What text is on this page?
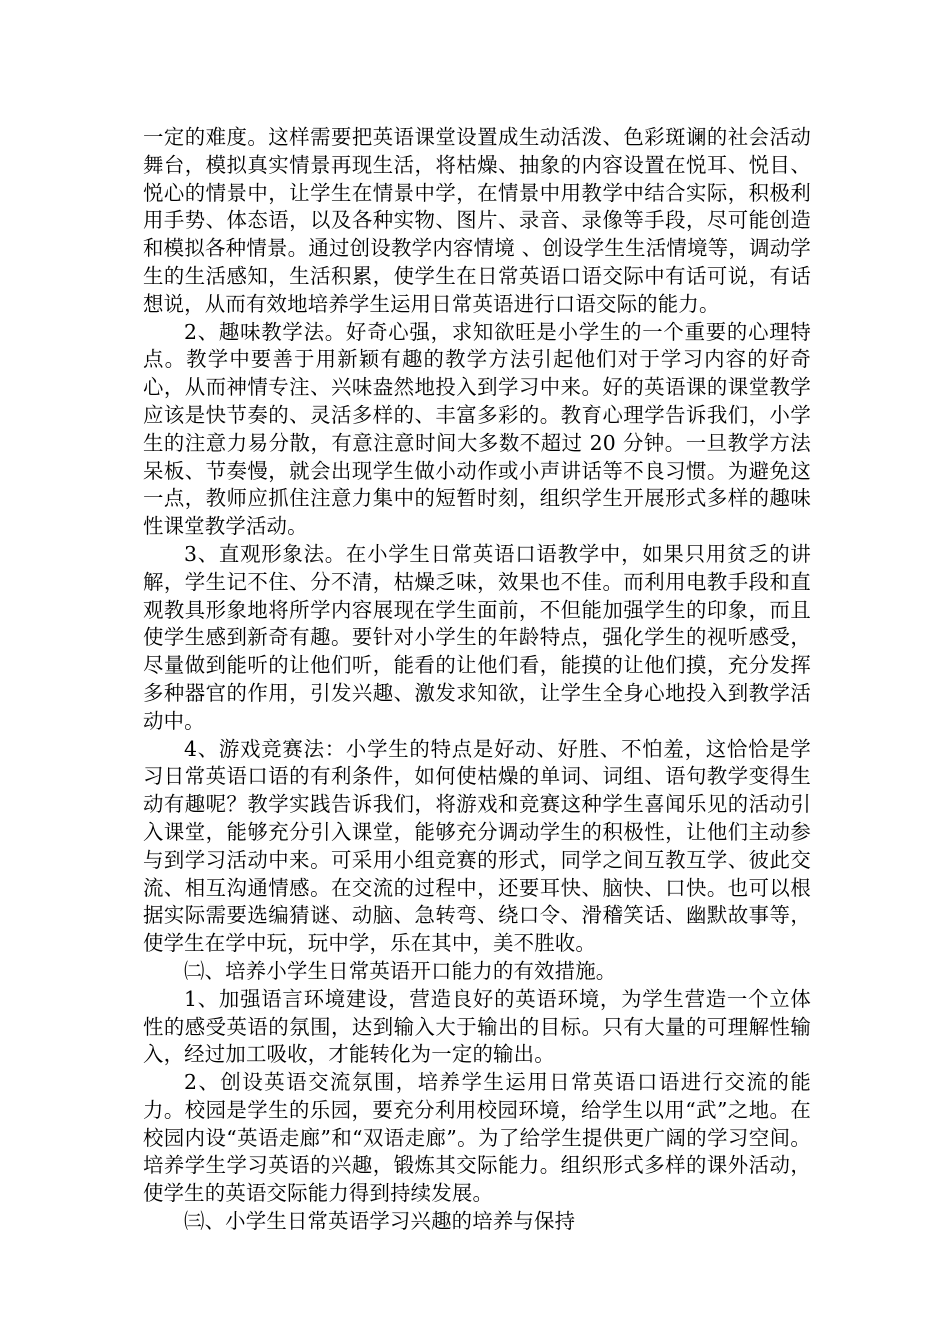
一定的难度。这样需要把英语课堂设置成生动活泼、色彩斑谰的社会活动舞台，模拟真实情景再现生活，将枯燥、抽象的内容设置在悦耳、悦目、悦心的情景中，让学生在情景中学，在情景中用教学中结合实际，积极利用手势、体态语，以及各种实物、图片、录音、录像等手段，尽可能创造和模拟各种情景。通过创设教学内容情境 、创设学生生活情境等，调动学生的生活感知，生活积累，使学生在日常英语口语交际中有话可说，有话想说，从而有效地培养学生运用日常英语进行口语交际的能力。

2、趣味教学法。好奇心强，求知欲旺是小学生的一个重要的心理特点。教学中要善于用新颖有趣的教学方法引起他们对于学习内容的好奇心，从而神情专注、兴味盎然地投入到学习中来。好的英语课的课堂教学应该是快节奏的、灵活多样的、丰富多彩的。教育心理学告诉我们，小学生的注意力易分散，有意注意时间大多数不超过 20 分钟。一旦教学方法呆板、节奏慢，就会出现学生做小动作或小声讲话等不良习惯。为避免这一点，教师应抓住注意力集中的短暂时刻，组织学生开展形式多样的趣味性课堂教学活动。

3、直观形象法。在小学生日常英语口语教学中，如果只用贫乏的讲解，学生记不住、分不清，枯燥乏味，效果也不佳。而利用电教手段和直观教具形象地将所学内容展现在学生面前，不但能加强学生的印象，而且使学生感到新奇有趣。要针对小学生的年龄特点，强化学生的视听感受，尽量做到能听的让他们听，能看的让他们看，能摸的让他们摸，充分发挥多种器官的作用，引发兴趣、激发求知欲，让学生全身心地投入到教学活动中。

4、游戏竞赛法：小学生的特点是好动、好胜、不怕羞，这恰恰是学习日常英语口语的有利条件，如何使枯燥的单词、词组、语句教学变得生动有趣呢？教学实践告诉我们，将游戏和竞赛这种学生喜闻乐见的活动引入课堂，能够充分引入课堂，能够充分调动学生的积极性，让他们主动参与到学习活动中来。可采用小组竞赛的形式，同学之间互教互学、彼此交流、相互沟通情感。在交流的过程中，还要耳快、脑快、口快。也可以根据实际需要选编猜谜、动脑、急转弯、绕口令、滑稽笑话、幽默故事等，使学生在学中玩，玩中学，乐在其中，美不胜收。

㈡、培养小学生日常英语开口能力的有效措施。

1、加强语言环境建设，营造良好的英语环境，为学生营造一个立体性的感受英语的氛围，达到输入大于输出的目标。只有大量的可理解性输入，经过加工吸收，才能转化为一定的输出。

2、创设英语交流氛围，培养学生运用日常英语口语进行交流的能力。校园是学生的乐园，要充分利用校园环境，给学生以用“武”之地。在校园内设“英语走廊”和“双语走廊”。为了给学生提供更广阔的学习空间。培养学生学习英语的兴趣，锻炼其交际能力。组织形式多样的课外活动，使学生的英语交际能力得到持续发展。

㈢、小学生日常英语学习兴趣的培养与保持
